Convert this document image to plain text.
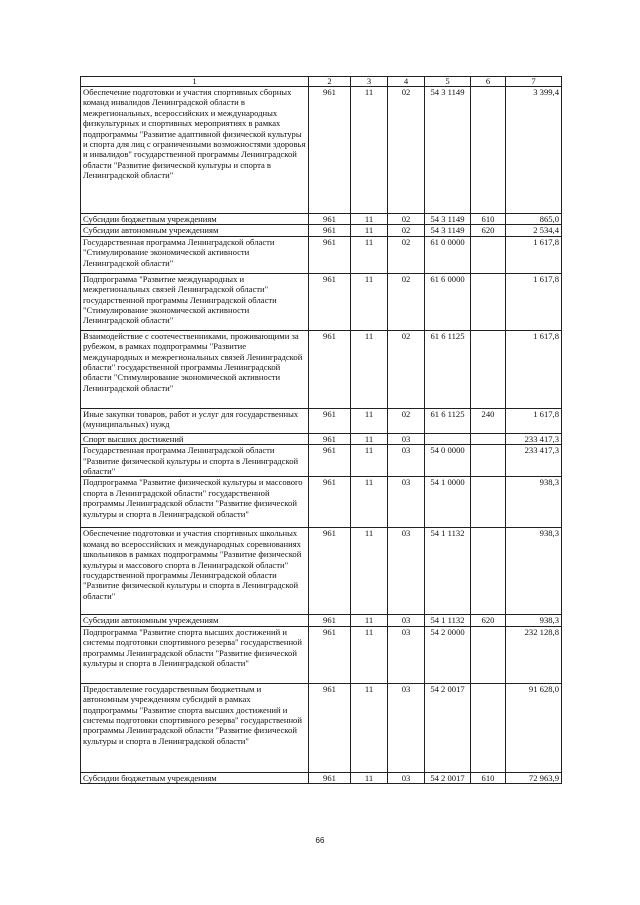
1	2	3	4	5	6	7
Обеспечение подготовки и участия спортивных сборных команд инвалидов Ленинградской области в межрегиональных, всероссийских и международных физкультурных и спортивных мероприятиях в рамках подпрограммы "Развитие адаптивной физической культуры и спорта для лиц с ограниченными возможностями здоровья и инвалидов" государственной программы Ленинградской области "Развитие физической культуры и спорта в Ленинградской области"	961	11	02	54 3 1149		3 399,4
Субсидии бюджетным учреждениям	961	11	02	54 3 1149	610	865,0
Субсидии автономным учреждениям	961	11	02	54 3 1149	620	2 534,4
Государственная программа Ленинградской области "Стимулирование экономической активности Ленинградской области"	961	11	02	61 0 0000		1 617,8
Подпрограмма "Развитие международных и межрегиональных связей Ленинградской области" государственной программы Ленинградской области "Стимулирование экономической активности Ленинградской области"	961	11	02	61 6 0000		1 617,8
Взаимодействие с соотечественниками, проживающими за рубежом, в рамках подпрограммы "Развитие международных и межрегиональных связей Ленинградской области" государственной программы Ленинградской области "Стимулирование экономической активности Ленинградской области"	961	11	02	61 6 1125		1 617,8
Иные закупки товаров, работ и услуг для государственных (муниципальных) нужд	961	11	02	61 6 1125	240	1 617,8
Спорт высших достижений	961	11	03			233 417,3
Государственная программа Ленинградской области "Развитие физической культуры и спорта в Ленинградской области"	961	11	03	54 0 0000		233 417,3
Подпрограмма "Развитие физической культуры и массового спорта в Ленинградской области" государственной программы Ленинградской области "Развитие физической культуры и спорта в Ленинградской области"	961	11	03	54 1 0000		938,3
Обеспечение подготовки и участия спортивных школьных команд во всероссийских и международных соревнованиях школьников в рамках подпрограммы "Развитие физической культуры и массового спорта в Ленинградской области" государственной программы Ленинградской области "Развитие физической культуры и спорта в Ленинградской области"	961	11	03	54 1 1132		938,3
Субсидии автономным учреждениям	961	11	03	54 1 1132	620	938,3
Подпрограмма "Развитие спорта высших достижений и системы подготовки спортивного резерва" государственной программы Ленинградской области "Развитие физической культуры и спорта в Ленинградской области"	961	11	03	54 2 0000		232 128,8
Предоставление государственным бюджетным и автономным учреждениям субсидий в рамках подпрограммы "Развитие спорта высших достижений и системы подготовки спортивного резерва" государственной программы Ленинградской области "Развитие физической культуры и спорта в Ленинградской области"	961	11	03	54 2 0017		91 628,0
Субсидии бюджетным учреждениям	961	11	03	54 2 0017	610	72 963,9
66
